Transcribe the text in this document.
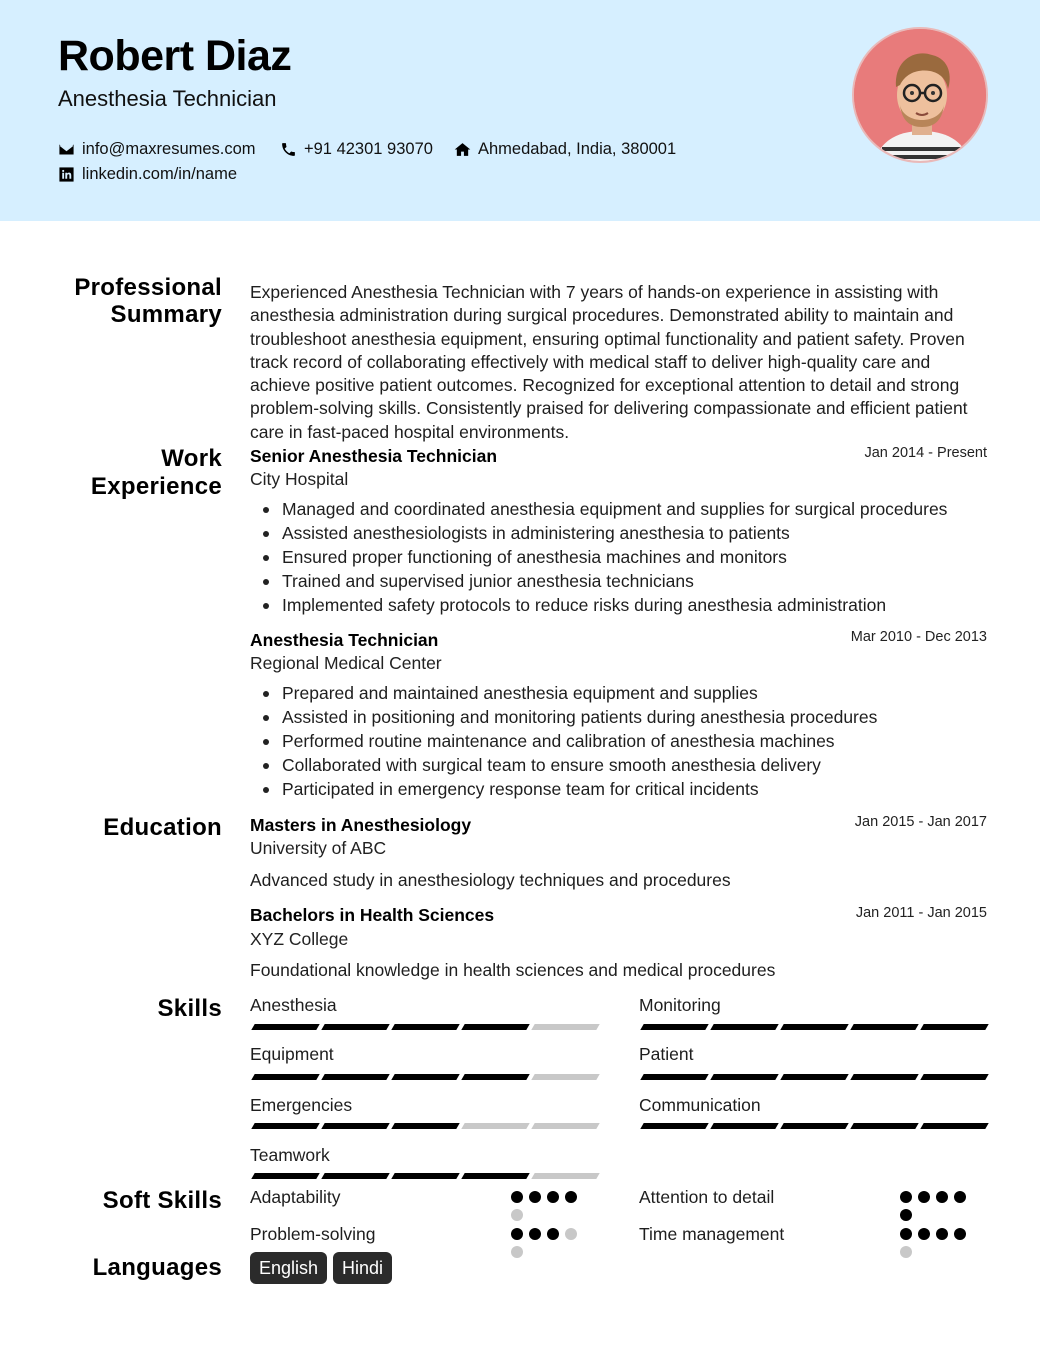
Robert Diaz
Anesthesia Technician
info@maxresumes.com	+91 42301 93070	Ahmedabad, India, 380001
linkedin.com/in/name
Professional
Summary
Experienced Anesthesia Technician with 7 years of hands-on experience in assisting with anesthesia administration during surgical procedures. Demonstrated ability to maintain and troubleshoot anesthesia equipment, ensuring optimal functionality and patient safety. Proven track record of collaborating effectively with medical staff to deliver high-quality care and achieve positive patient outcomes. Recognized for exceptional attention to detail and strong problem-solving skills. Consistently praised for delivering compassionate and efficient patient care in fast-paced hospital environments.
Work
Experience
Senior Anesthesia Technician	Jan 2014 - Present
City Hospital
Managed and coordinated anesthesia equipment and supplies for surgical procedures
Assisted anesthesiologists in administering anesthesia to patients
Ensured proper functioning of anesthesia machines and monitors
Trained and supervised junior anesthesia technicians
Implemented safety protocols to reduce risks during anesthesia administration
Anesthesia Technician	Mar 2010 - Dec 2013
Regional Medical Center
Prepared and maintained anesthesia equipment and supplies
Assisted in positioning and monitoring patients during anesthesia procedures
Performed routine maintenance and calibration of anesthesia machines
Collaborated with surgical team to ensure smooth anesthesia delivery
Participated in emergency response team for critical incidents
Education Masters in Anesthesiology	Jan 2015 - Jan 2017
University of ABC
Advanced study in anesthesiology techniques and procedures
Bachelors in Health Sciences	Jan 2011 - Jan 2015
XYZ College
Foundational knowledge in health sciences and medical procedures
Skills Anesthesia	Monitoring
Equipment	Patient
Emergencies	Communication
Teamwork
Soft Skills Adaptability	Attention to detail
Problem-solving	Time management
Languages	English	Hindi
